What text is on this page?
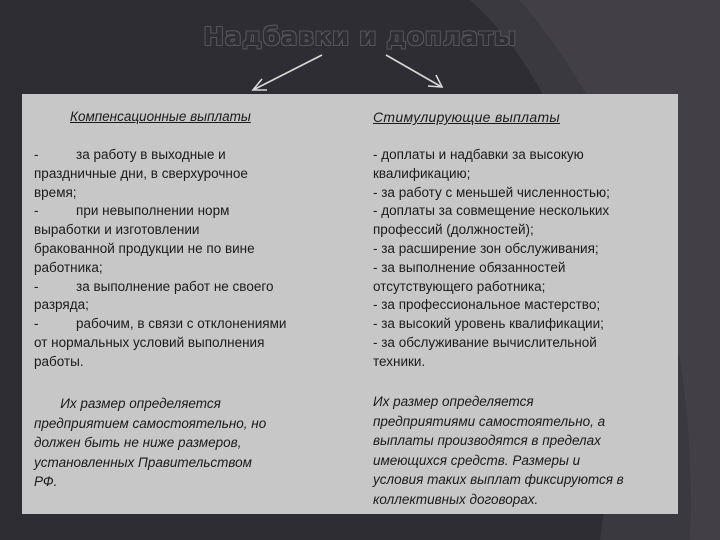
Надбавки и доплаты
Компенсационные выплаты	Стимулирующие выплаты
-          за работу в выходные и
праздничные дни, в сверхурочное
время;
-          при невыполнении норм
выработки и изготовлении
бракованной продукции не по вине
работника;
-          за выполнение работ не своего
разряда;
-          рабочим, в связи с отклонениями
от нормальных условий выполнения
работы.
- доплаты и надбавки за высокую
квалификацию;
- за работу с меньшей численностью;
- доплаты за совмещение нескольких
профессий (должностей);
- за расширение зон обслуживания;
- за выполнение обязанностей
отсутствующего работника;
- за профессиональное мастерство;
- за высокий уровень квалификации;
- за обслуживание вычислительной
техники.
Их размер определяется
предприятием самостоятельно, но
должен быть не ниже размеров,
установленных Правительством
РФ.
Их размер определяется
предприятиями самостоятельно, а
выплаты производятся в пределах
имеющихся средств. Размеры и
условия таких выплат фиксируются в
коллективных договорах.
